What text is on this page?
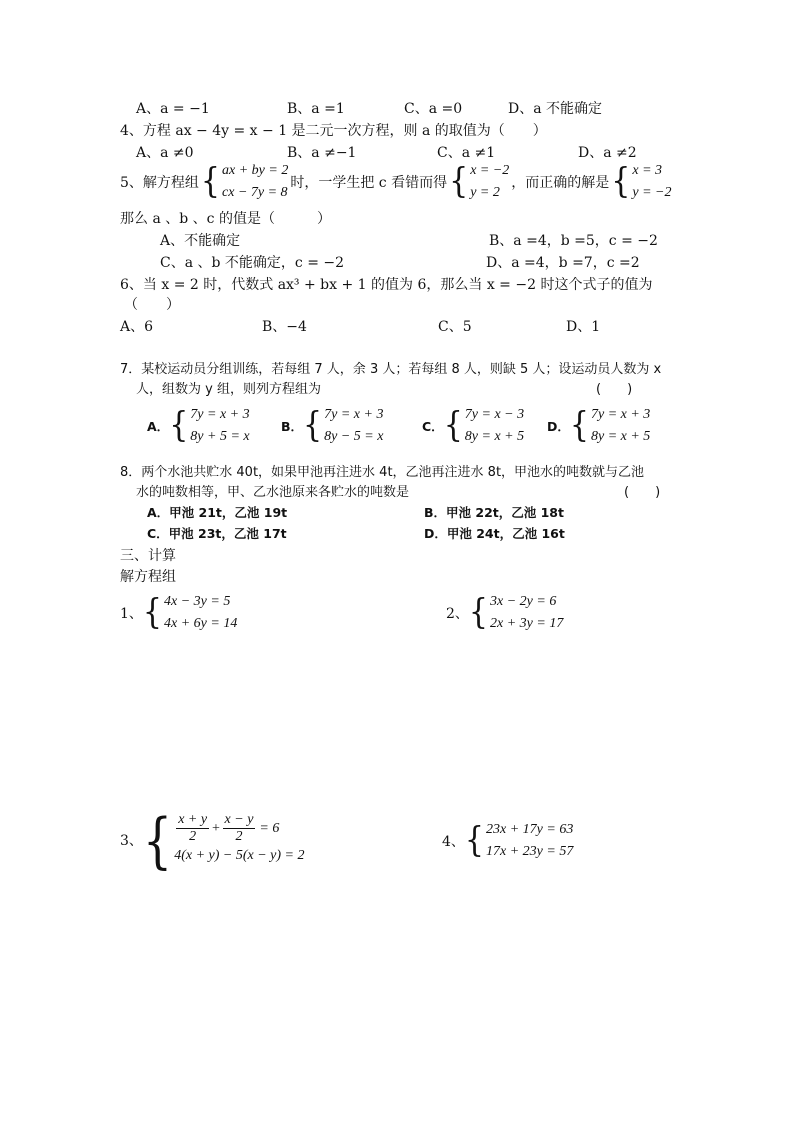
A、a = −1	B、a =1	C、a =0	D、a 不能确定
4、方程 ax − 4y = x − 1 是二元一次方程，则 a 的取值为（　　）
A、a ≠0	B、a ≠−1	C、a ≠1	D、a ≠2
5、解方程组 { ax + by = 2
cx − 7y = 8
时，一学生把 c 看错而得 { x = −2
y = 2
，而正确的解是 { x = 3
y = −2
那么 a 、b 、c 的值是（　　　）
A、不能确定	B、a =4，b =5，c = −2
C、a 、b 不能确定，c = −2	D、a =4，b =7，c =2
6、当 x = 2 时，代数式 ax³ + bx + 1 的值为 6，那么当 x = −2 时这个式子的值为
（　　）
A、6	B、−4	C、5	D、1
7．某校运动员分组训练，若每组 7 人，余 3 人；若每组 8 人，则缺 5 人；设运动员人数为 x
人，组数为 y 组，则列方程组为	(　　)
A． { 7y = x + 3
8y + 5 = x
B． { 7y = x + 3
8y − 5 = x
C． { 7y = x − 3
8y = x + 5
D． { 7y = x + 3
8y = x + 5
8．两个水池共贮水 40t，如果甲池再注进水 4t，乙池再注进水 8t，甲池水的吨数就与乙池
水的吨数相等，甲、乙水池原来各贮水的吨数是	(　　)
A．甲池 21t，乙池 19t	B．甲池 22t，乙池 18t
C．甲池 23t，乙池 17t	D．甲池 24t，乙池 16t
三、计算
解方程组
1、 { 4x − 3y = 5
4x + 6y = 14
2、 { 3x − 2y = 6
2x + 3y = 17
3、 { $\frac{x + y}{2} + \frac{x - y}{2} = 6$
4(x + y) − 5(x − y) = 2
4、 { 23x + 17y = 63
17x + 23y = 57
